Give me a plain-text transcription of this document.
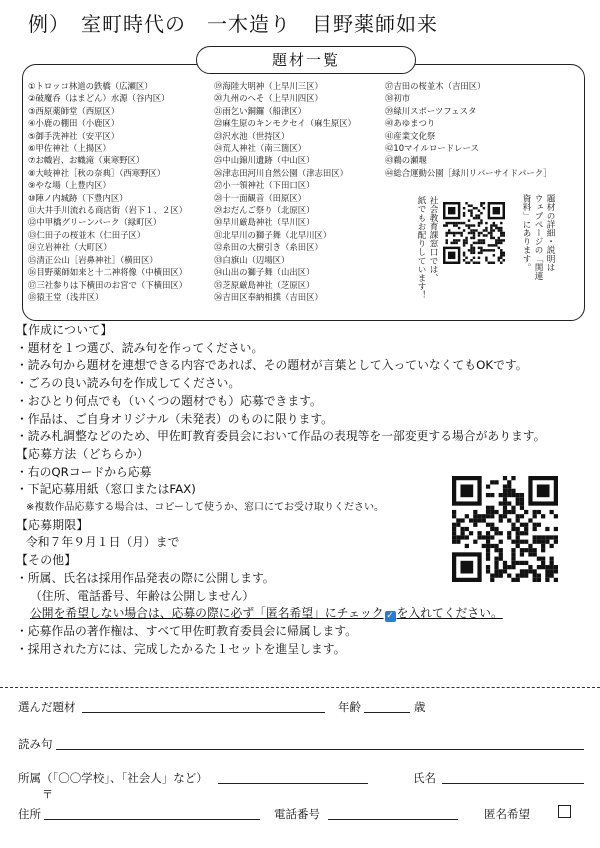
例）　室町時代の　一木造り　目野薬師如来
題材一覧
①トロッコ林道の鉄橋（広瀬区）
②破魔呑（はまどん）水源（谷内区）
③西原薬師堂（西原区）
④小鹿の棚田（小鹿区）
⑤御手洗神社（安平区）
⑥甲佐神社（上揚区）
⑦お幟岩、お幟滝（東寒野区）
⑧大岐神社［秋の奈典］（西寒野区）
⑨やな場（上豊内区）
⑩陣ノ内城跡（下豊内区）
⑪大井手川流れる商店街（岩下１、２区）
⑫中甲橋グリーンパーク（緑町区）
⑬仁田子の桜並木（仁田子区）
⑭立岩神社（大町区）
⑮清正公山［岩鼻神社］（横田区）
⑯目野薬師如来と十二神将像（中横田区）
⑰三社参りは下横田のお宮で（下横田区）
⑱猿王堂（浅井区）
⑲海陸大明神（上早川三区）
⑳九州のへそ（上早川四区）
㉑雨乞い銅鑼（船津区）
㉒麻生原のキンモクセイ（麻生原区）
㉓沢水池（世持区）
㉔荒人神社（南三箇区）
㉕中山錦川遺跡（中山区）
㉖津志田河川自然公園（津志田区）
㉗小一領神社（下田口区）
㉘十一面観音（田原区）
㉙おだんご祭り（北原区）
㉚早川厳島神社（早川区）
㉛北早川の獅子舞（北早川区）
㉜糸田の大樹引き（糸田区）
㉝白旗山（辺場区）
㉞山出の獅子舞（山出区）
㉟芝原厳島神社（芝原区）
㊱吉田区奉納相撲（吉田区）
㊲吉田の桜並木（吉田区）
㊳初市
㊴緑川スポーツフェスタ
㊵あゆまつり
㊶産業文化祭
㊷10マイルロードレース
㊸鵜の瀬堰
㊹総合運動公園［緑川リバーサイドパーク］
題材の詳細・説明は
ウェブページの「関連
資料」にあります。
社会教育課窓口では、
紙でもお配りしています！
【作成について】
・題材を１つ選び、読み句を作ってください。
・読み句から題材を連想できる内容であれば、その題材が言葉として入っていなくてもOKです。
・ごろの良い読み句を作成してください。
・おひとり何点でも（いくつの題材でも）応募できます。
・作品は、ご自身オリジナル（未発表）のものに限ります。
・読み札調整などのため、甲佐町教育委員会において作品の表現等を一部変更する場合があります。
【応募方法（どちらか）
・右のQRコードから応募
・下記応募用紙（窓口またはFAX)
※複数作品応募する場合は、コピーして使うか、窓口にてお受け取りください。
【応募期限】
令和７年９月１日（月）まで
【その他】
・所属、氏名は採用作品発表の際に公開します。
（住所、電話番号、年齢は公開しません）
公開を希望しない場合は、応募の際に必ず「匿名希望」にチェック ✓ を入れてください。
・応募作品の著作権は、すべて甲佐町教育委員会に帰属します。
・採用された方には、完成したかるた１セットを進呈します。
選んだ題材	年齢	歳
読み句
所属（「〇〇学校」、「社会人」など）	氏名
〒
住所	電話番号	匿名希望
